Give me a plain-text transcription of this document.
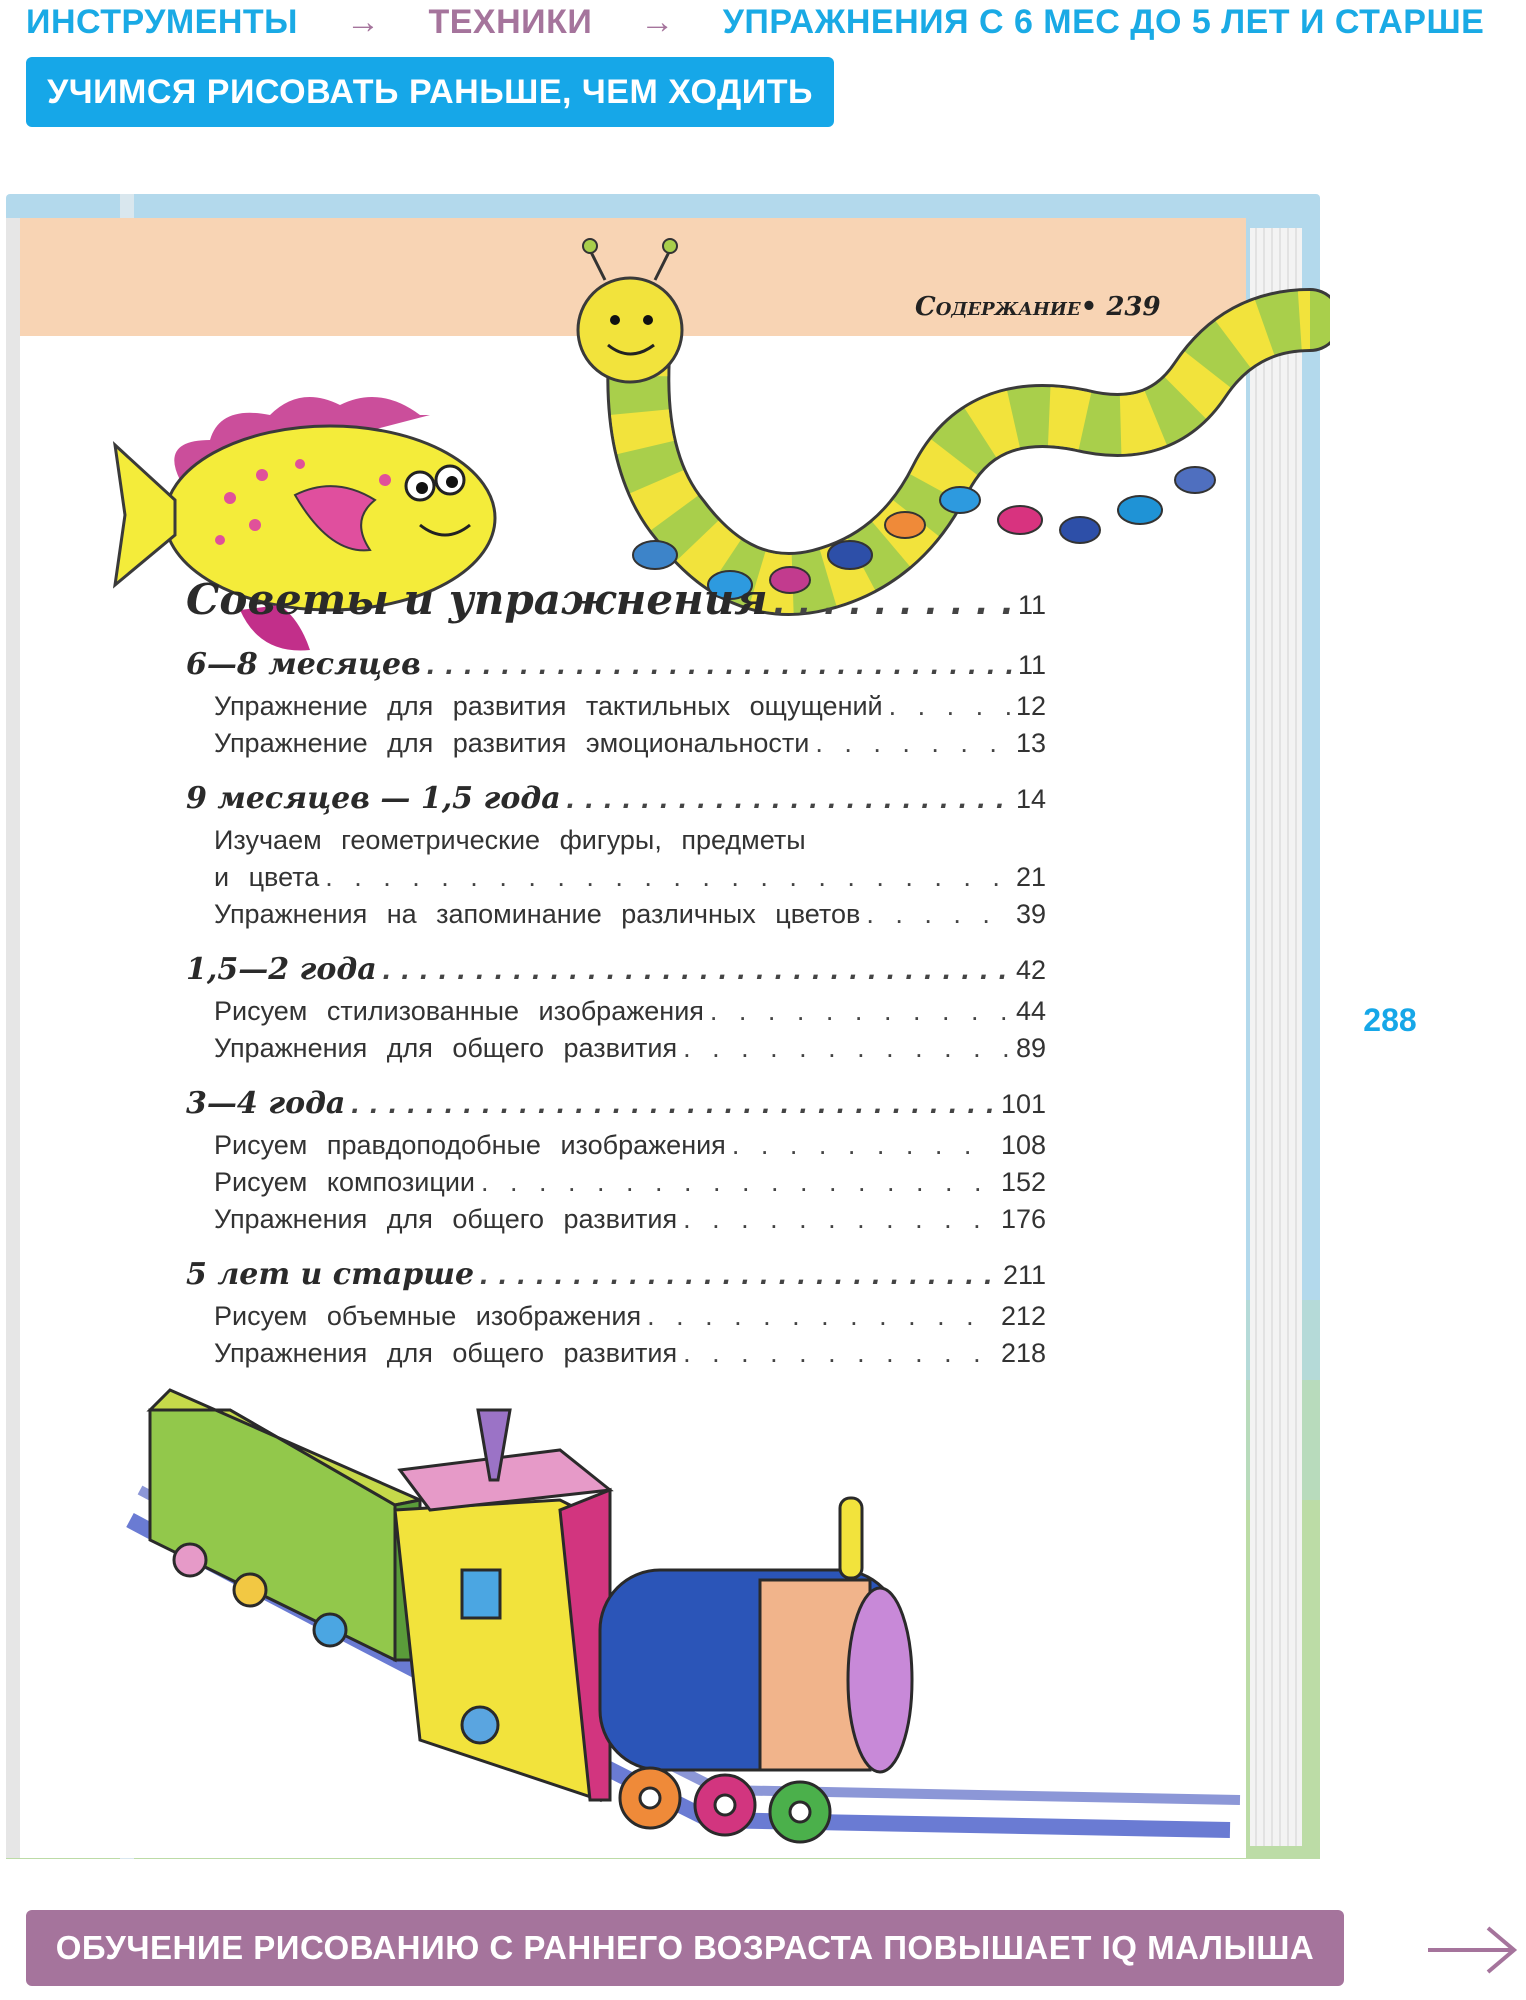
ИНСТРУМЕНТЫ → ТЕХНИКИ → УПРАЖНЕНИЯ С 6 МЕС ДО 5 ЛЕТ И СТАРШЕ
УЧИМСЯ РИСОВАТЬ РАНЬШЕ, ЧЕМ ХОДИТЬ
Содержание• 239
288
Советы и упражнения . . .	11
6—8 месяцев . . .	11
Упражнение для развития тактильных ощущений . . .	12
Упражнение для развития эмоциональности . . .	13
9 месяцев — 1,5 года . . .	14
Изучаем геометрические фигуры, предметы
и цвета . . .	21
Упражнения на запоминание различных цветов . . .	39
1,5—2 года . . .	42
Рисуем стилизованные изображения . . .	44
Упражнения для общего развития . . .	89
3—4 года . . .	101
Рисуем правдоподобные изображения . . .	108
Рисуем композиции . . .	152
Упражнения для общего развития . . .	176
5 лет и старше . . .	211
Рисуем объемные изображения . . .	212
Упражнения для общего развития . . .	218
ОБУЧЕНИЕ РИСОВАНИЮ С РАННЕГО ВОЗРАСТА ПОВЫШАЕТ IQ МАЛЫША
